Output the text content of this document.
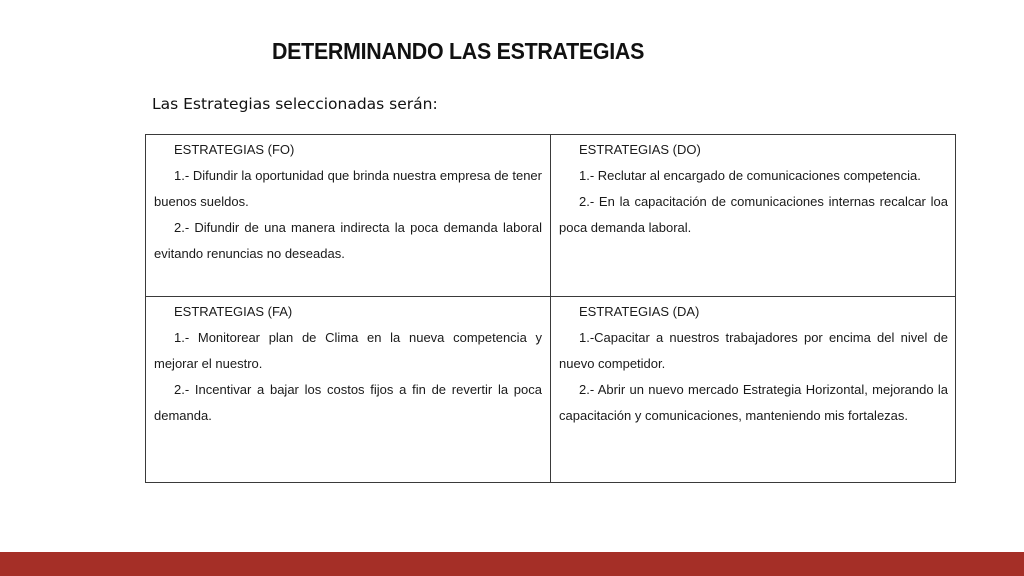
DETERMINANDO LAS ESTRATEGIAS
Las Estrategias seleccionadas serán:

ESTRATEGIAS (FO)

1.- Difundir la oportunidad que brinda nuestra empresa de tener buenos sueldos.

2.- Difundir de una manera indirecta la poca demanda laboral evitando renuncias no deseadas.

ESTRATEGIAS (DO)

1.- Reclutar al encargado de comunicaciones competencia.

2.- En la capacitación de comunicaciones internas recalcar loa poca demanda laboral.

ESTRATEGIAS (FA)

1.- Monitorear plan de Clima en la nueva competencia y mejorar el nuestro.

2.- Incentivar a bajar los costos fijos a fin de revertir la poca demanda.

ESTRATEGIAS (DA)

1.-Capacitar a nuestros trabajadores por encima del nivel de nuevo competidor.

2.- Abrir un nuevo mercado Estrategia Horizontal, mejorando la capacitación y comunicaciones, manteniendo mis fortalezas.
